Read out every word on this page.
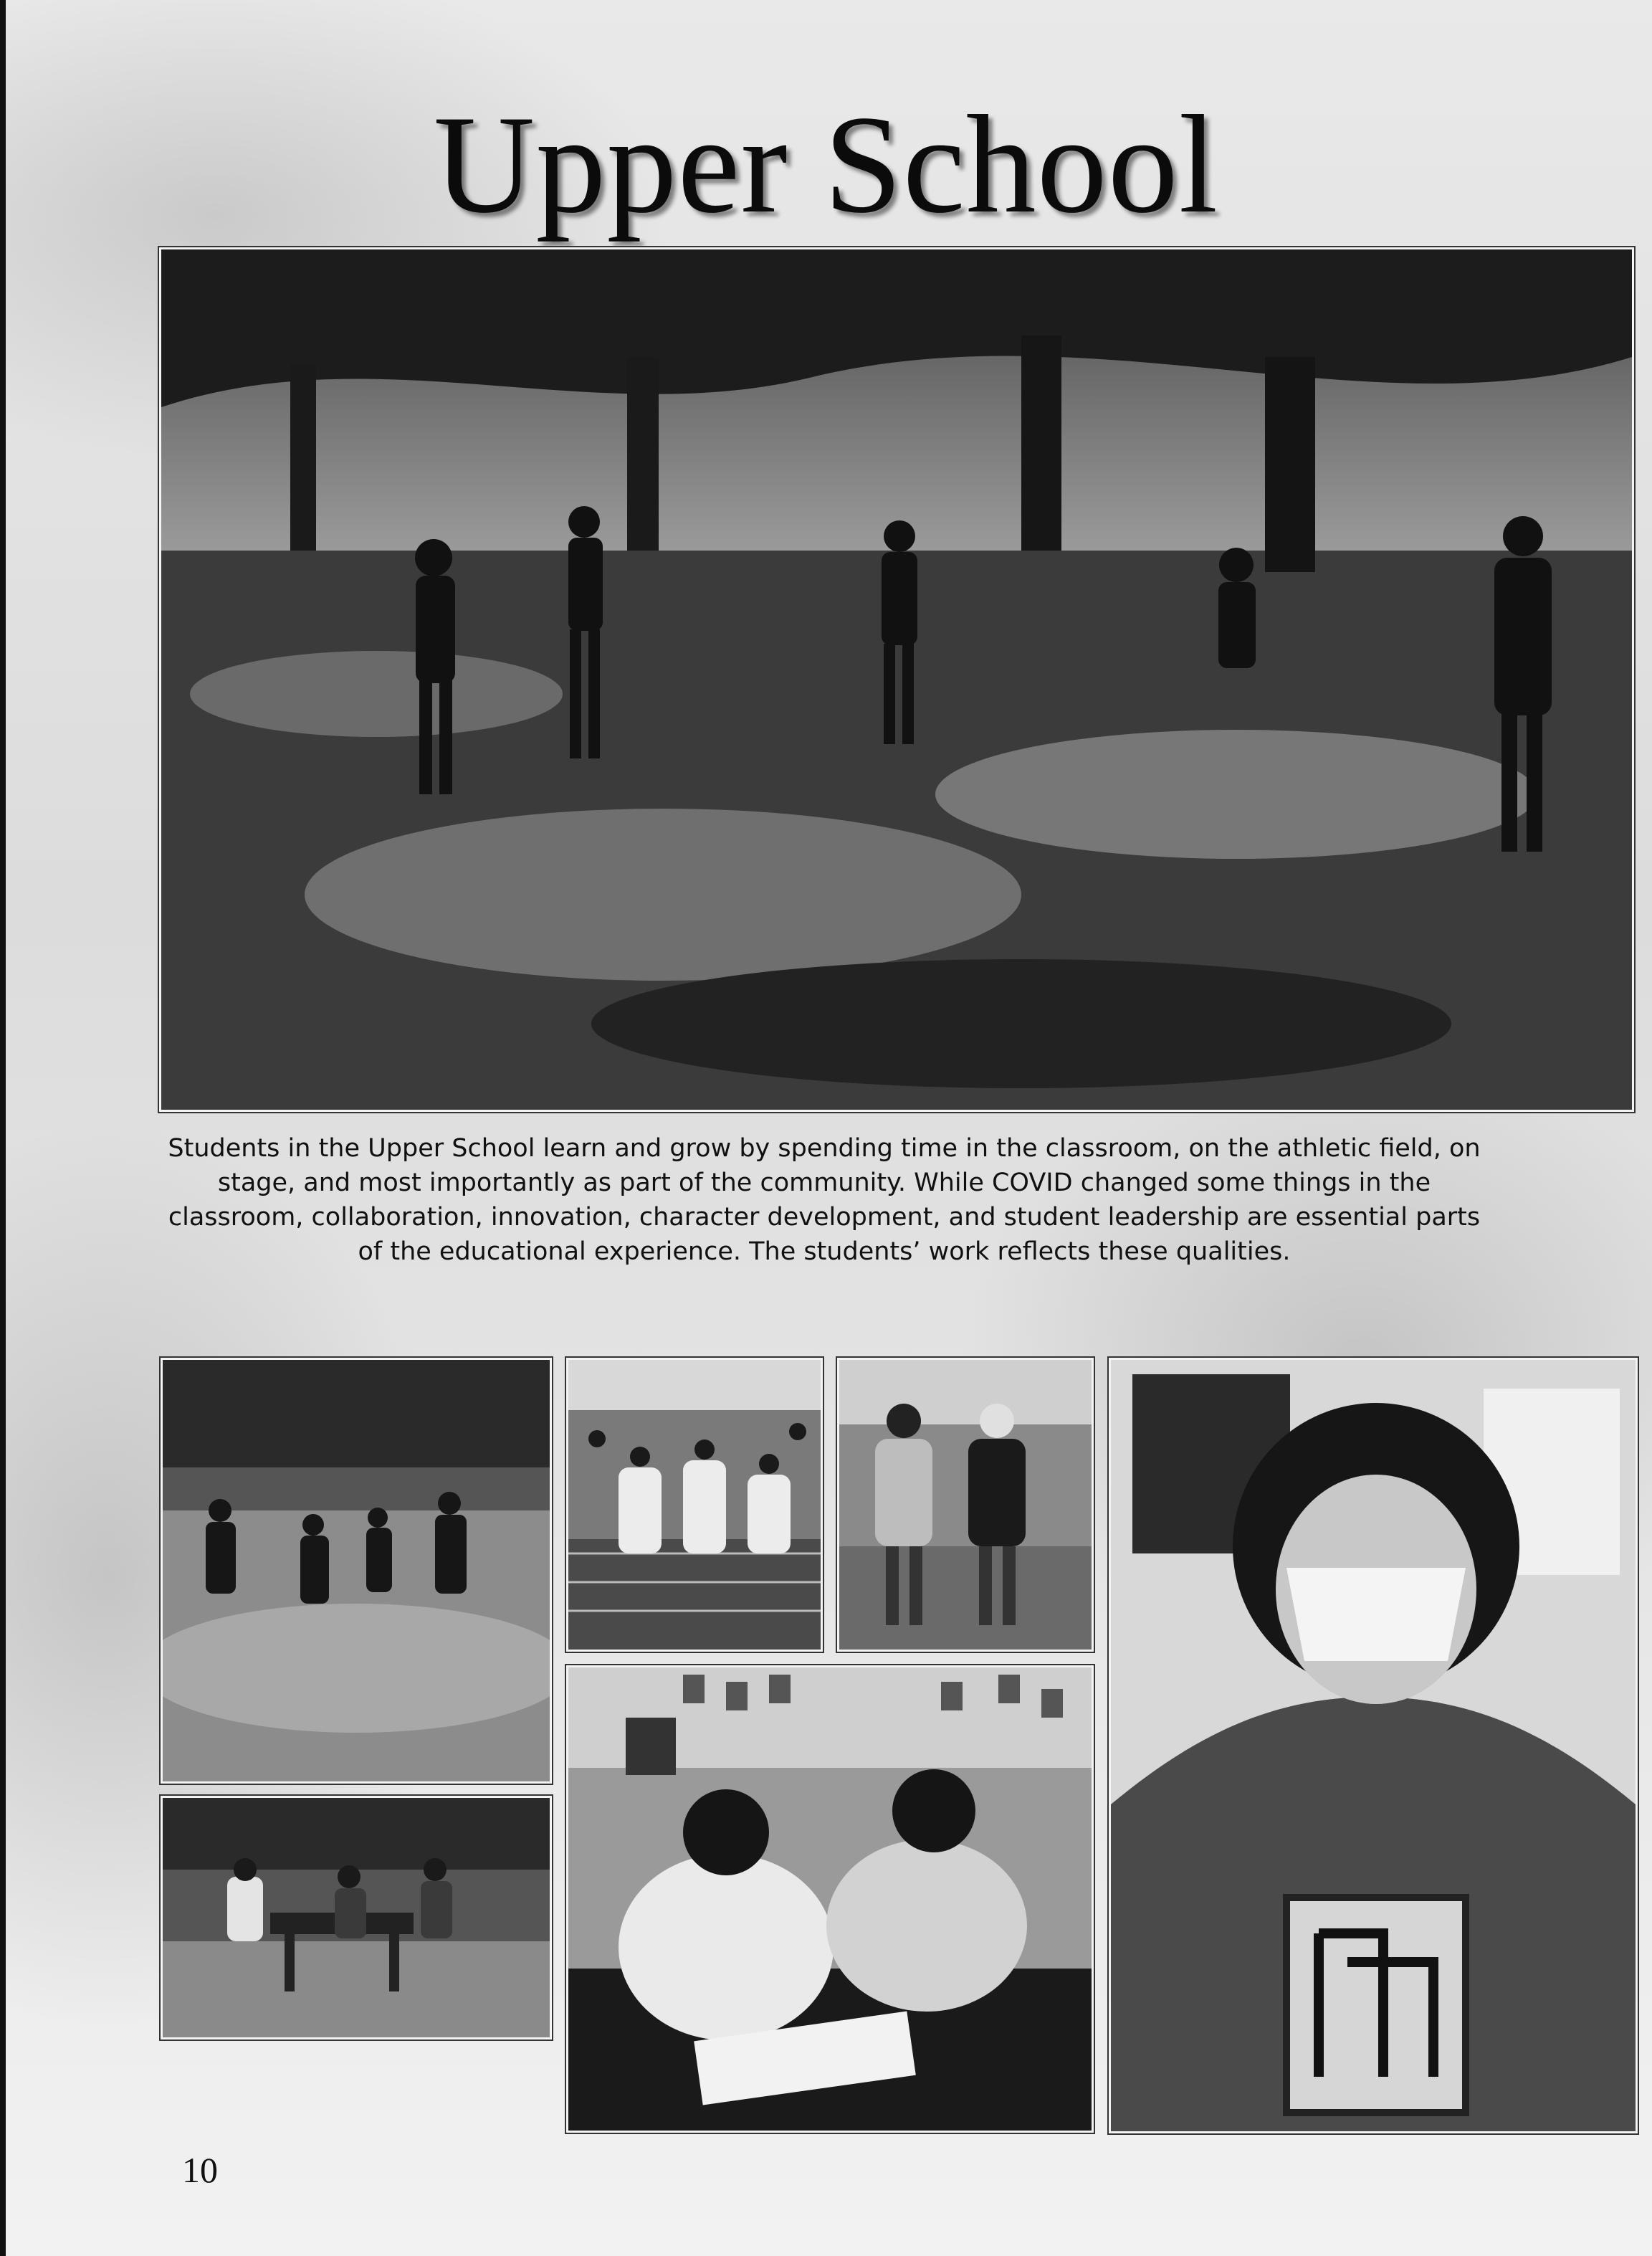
Upper School
Students in the Upper School learn and grow by spending time in the classroom, on the athletic field, on stage, and most importantly as part of the community. While COVID changed some things in the classroom, collaboration, innovation, character development, and student leadership are essential parts of the educational experience. The students’ work reflects these qualities.
10
